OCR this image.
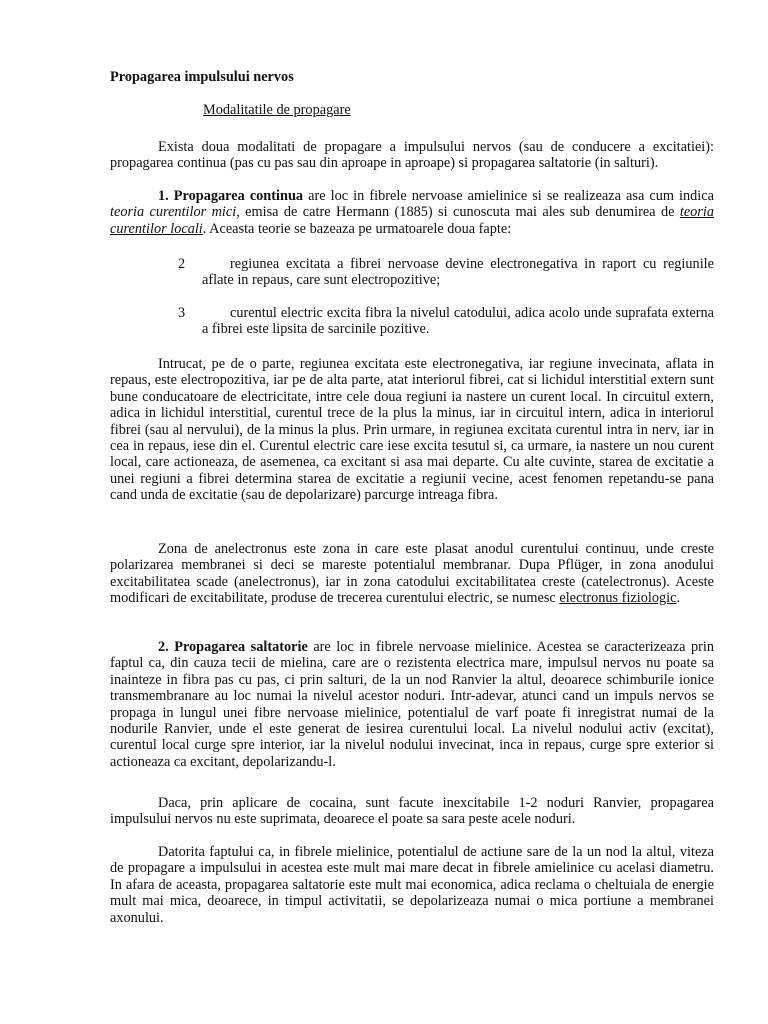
Propagarea impulsului nervos
Modalitatile de propagare

Exista doua modalitati de propagare a impulsului nervos (sau de conducere a excitatiei): propagarea continua (pas cu pas sau din aproape in aproape) si propagarea saltatorie (in salturi).

1. Propagarea continua are loc in fibrele nervoase amielinice si se realizeaza asa cum indica teoria curentilor mici, emisa de catre Hermann (1885) si cunoscuta mai ales sub denumirea de teoria curentilor locali. Aceasta teorie se bazeaza pe urmatoarele doua fapte:

2	regiunea excitata a fibrei nervoase devine electronegativa in raport cu regiunile aflate in repaus, care sunt electropozitive;

3	curentul electric excita fibra la nivelul catodului, adica acolo unde suprafata externa a fibrei este lipsita de sarcinile pozitive.

Intrucat, pe de o parte, regiunea excitata este electronegativa, iar regiune invecinata, aflata in repaus, este electropozitiva, iar pe de alta parte, atat interiorul fibrei, cat si lichidul interstitial extern sunt bune conducatoare de electricitate, intre cele doua regiuni ia nastere un curent local. In circuitul extern, adica in lichidul interstitial, curentul trece de la plus la minus, iar in circuitul intern, adica in interiorul fibrei (sau al nervului), de la minus la plus. Prin urmare, in regiunea excitata curentul intra in nerv, iar in cea in repaus, iese din el. Curentul electric care iese excita tesutul si, ca urmare, ia nastere un nou curent local, care actioneaza, de asemenea, ca excitant si asa mai departe. Cu alte cuvinte, starea de excitatie a unei regiuni a fibrei determina starea de excitatie a regiunii vecine, acest fenomen repetandu-se pana cand unda de excitatie (sau de depolarizare) parcurge intreaga fibra.

Zona de anelectronus este zona in care este plasat anodul curentului continuu, unde creste polarizarea membranei si deci se mareste potentialul membranar. Dupa Pflüger, in zona anodului excitabilitatea scade (anelectronus), iar in zona catodului excitabilitatea creste (catelectronus). Aceste modificari de excitabilitate, produse de trecerea curentului electric, se numesc electronus fiziologic.

2. Propagarea saltatorie are loc in fibrele nervoase mielinice. Acestea se caracterizeaza prin faptul ca, din cauza tecii de mielina, care are o rezistenta electrica mare, impulsul nervos nu poate sa inainteze in fibra pas cu pas, ci prin salturi, de la un nod Ranvier la altul, deoarece schimburile ionice transmembranare au loc numai la nivelul acestor noduri. Intr-adevar, atunci cand un impuls nervos se propaga in lungul unei fibre nervoase mielinice, potentialul de varf poate fi inregistrat numai de la nodurile Ranvier, unde el este generat de iesirea curentului local. La nivelul nodului activ (excitat), curentul local curge spre interior, iar la nivelul nodului invecinat, inca in repaus, curge spre exterior si actioneaza ca excitant, depolarizandu-l.

Daca, prin aplicare de cocaina, sunt facute inexcitabile 1-2 noduri Ranvier, propagarea impulsului nervos nu este suprimata, deoarece el poate sa sara peste acele noduri.

Datorita faptului ca, in fibrele mielinice, potentialul de actiune sare de la un nod la altul, viteza de propagare a impulsului in acestea este mult mai mare decat in fibrele amielinice cu acelasi diametru. In afara de aceasta, propagarea saltatorie este mult mai economica, adica reclama o cheltuiala de energie mult mai mica, deoarece, in timpul activitatii, se depolarizeaza numai o mica portiune a membranei axonului.
